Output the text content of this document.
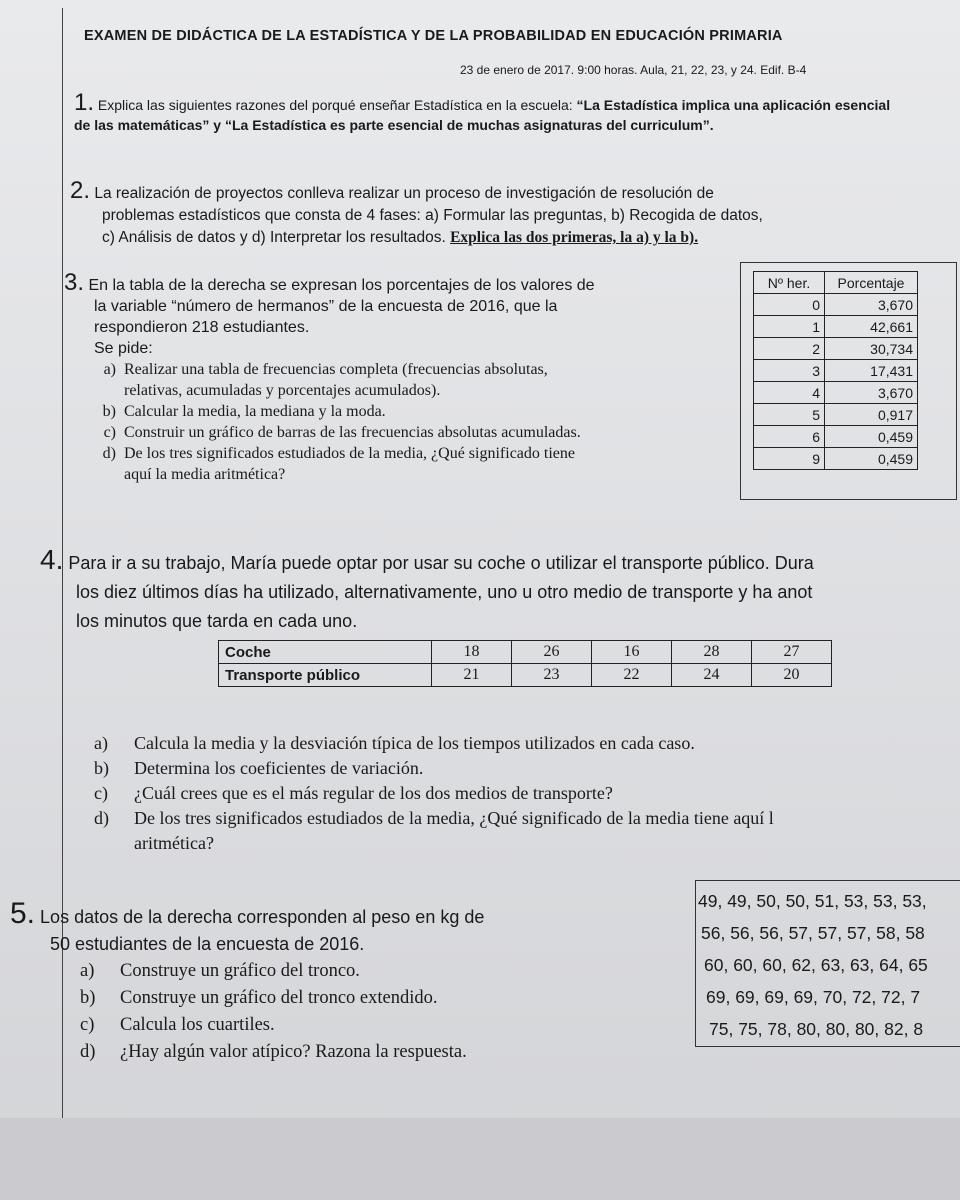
EXAMEN DE DIDÁCTICA DE LA ESTADÍSTICA Y DE LA PROBABILIDAD EN EDUCACIÓN PRIMARIA
23 de enero de 2017. 9:00 horas. Aula, 21, 22, 23, y 24. Edif. B-4
1. Explica las siguientes razones del porqué enseñar Estadística en la escuela: “La Estadística implica una aplicación esencial de las matemáticas” y “La Estadística es parte esencial de muchas asignaturas del curriculum”.
2. La realización de proyectos conlleva realizar un proceso de investigación de resolución de
problemas estadísticos que consta de 4 fases: a) Formular las preguntas, b) Recogida de datos,
c) Análisis de datos y d) Interpretar los resultados. Explica las dos primeras, la a) y la b).
3. En la tabla de la derecha se expresan los porcentajes de los valores de
la variable “número de hermanos” de la encuesta de 2016, que la
respondieron 218 estudiantes.
Se pide:
a) Realizar una tabla de frecuencias completa (frecuencias absolutas,
relativas, acumuladas y porcentajes acumulados).
b) Calcular la media, la mediana y la moda.
c) Construir un gráfico de barras de las frecuencias absolutas acumuladas.
d) De los tres significados estudiados de la media, ¿Qué significado tiene
aquí la media aritmética?
Nº her.	Porcentaje
0	3,670
1	42,661
2	30,734
3	17,431
4	3,670
5	0,917
6	0,459
9	0,459
4. Para ir a su trabajo, María puede optar por usar su coche o utilizar el transporte público. Dura
los diez últimos días ha utilizado, alternativamente, uno u otro medio de transporte y ha anot
los minutos que tarda en cada uno.
Coche	18	26	16	28	27
Transporte público	21	23	22	24	20
a)	Calcula la media y la desviación típica de los tiempos utilizados en cada caso.
b)	Determina los coeficientes de variación.
c)	¿Cuál crees que es el más regular de los dos medios de transporte?
d)	De los tres significados estudiados de la media, ¿Qué significado de la media tiene aquí l
aritmética?
5. Los datos de la derecha corresponden al peso en kg de
50 estudiantes de la encuesta de 2016.
a)	Construye un gráfico del tronco.
b)	Construye un gráfico del tronco extendido.
c)	Calcula los cuartiles.
d)	¿Hay algún valor atípico? Razona la respuesta.
49, 49, 50, 50, 51, 53, 53, 53,
56, 56, 56, 57, 57, 57, 58, 58
60, 60, 60, 62, 63, 63, 64, 65
69, 69, 69, 69, 70, 72, 72, 7
75, 75, 78, 80, 80, 80, 82, 8
